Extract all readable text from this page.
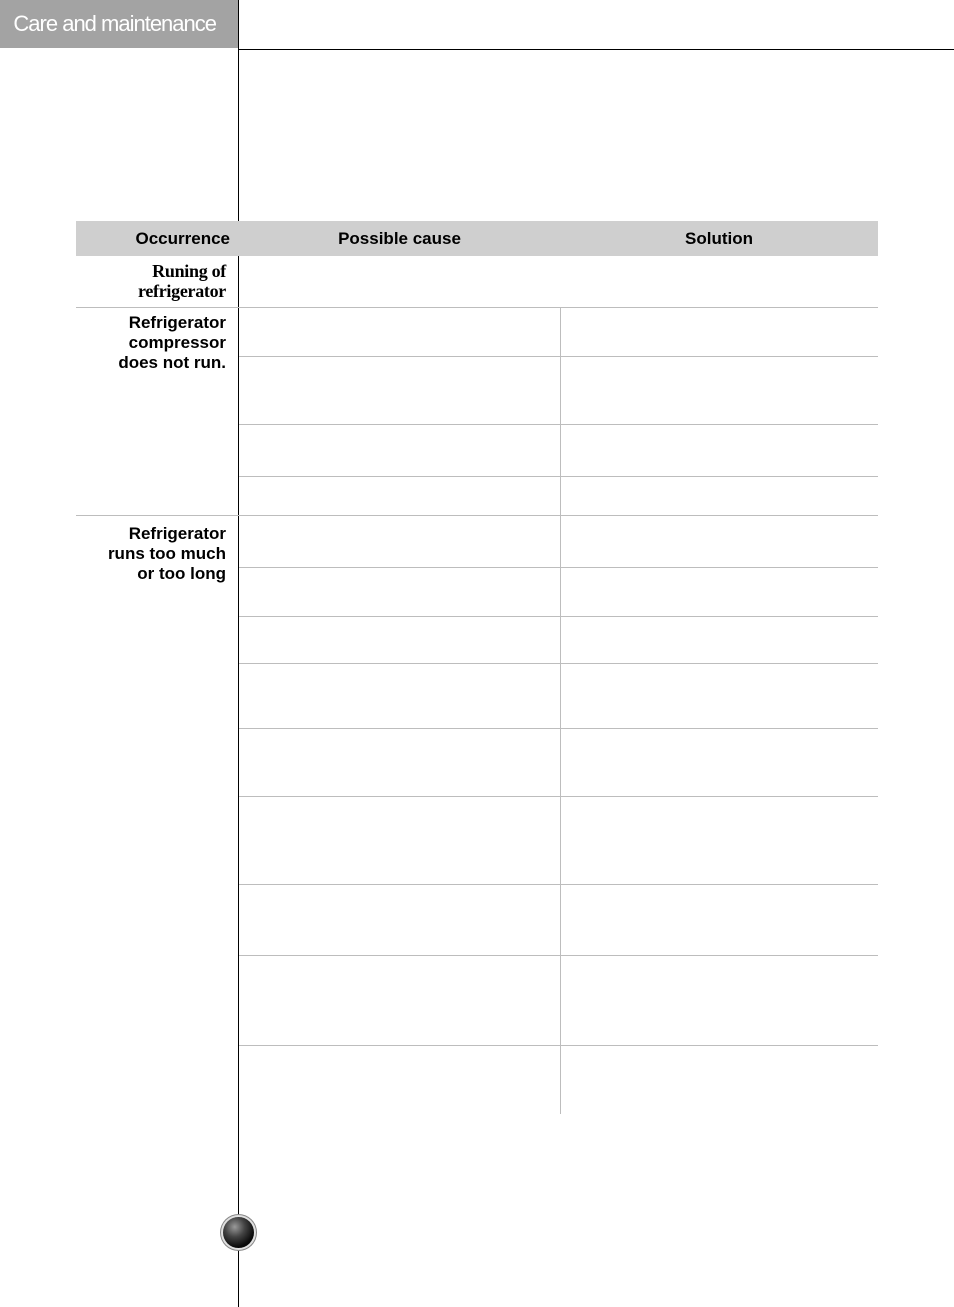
Care and maintenance
Occurrence	Possible cause	Solution
Runing of
refrigerator
Refrigerator
compressor
does not run.
Refrigerator
runs too much
or too long
